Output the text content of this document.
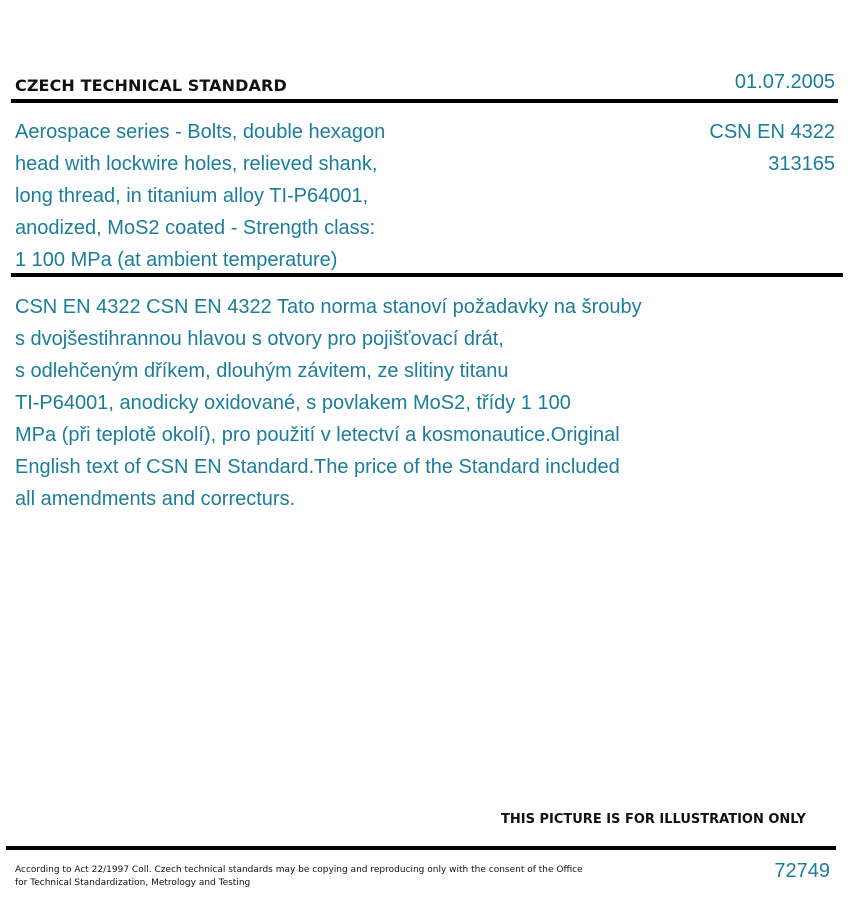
CZECH TECHNICAL STANDARD	01.07.2005
Aerospace series - Bolts, double hexagon
head with lockwire holes, relieved shank,
long thread, in titanium alloy TI-P64001,
anodized, MoS2 coated - Strength class:
1 100 MPa (at ambient temperature)
CSN EN 4322
313165
CSN EN 4322 CSN EN 4322 Tato norma stanoví požadavky na šrouby
s dvojšestihrannou hlavou s otvory pro pojišťovací drát,
s odlehčeným dříkem, dlouhým závitem, ze slitiny titanu
TI-P64001, anodicky oxidované, s povlakem MoS2, třídy 1 100
MPa (při teplotě okolí), pro použití v letectví a kosmonautice.Original
English text of CSN EN Standard.The price of the Standard included
all amendments and correcturs.
THIS PICTURE IS FOR ILLUSTRATION ONLY
According to Act 22/1997 Coll. Czech technical standards may be copying and reproducing only with the consent of the Office
for Technical Standardization, Metrology and Testing
72749
